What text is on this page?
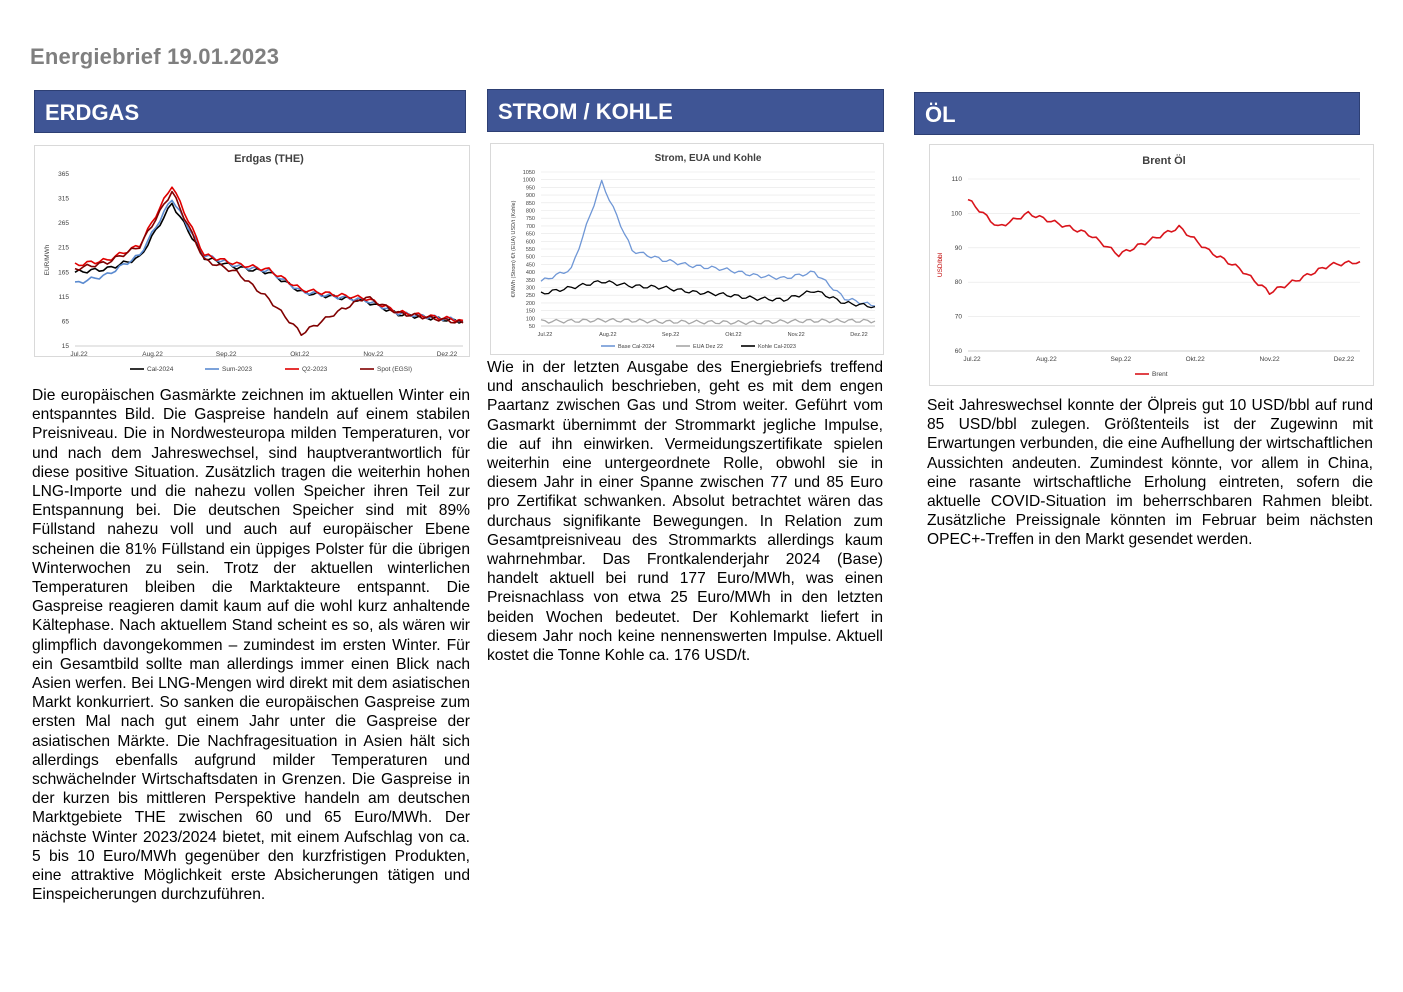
Energiebrief 19.01.2023
ERDGAS	STROM / KOHLE	ÖL
Erdgas (THE)
365
315
265
215
165
115
65
15
EUR/MWh
Jul.22	Aug.22	Sep.22	Okt.22	Nov.22	Dez.22
Cal-2024	Sum-2023	Q2-2023	Spot (EGSI)
Strom, EUA und Kohle
1050
1000
950
900
850
800
750
700
650
600
550
500
450
400
350
300
250
200
150
100
50
€/MWh (Strom) €/t (EUA) USD/t (Kohle)
Jul.22	Aug.22	Sep.22	Okt.22	Nov.22	Dez.22
Base Cal-2024	EUA Dez 22	Kohle Cal-2023
Brent Öl
110
100
90
80
70
60
USD/bbl
Jul.22	Aug.22	Sep.22	Okt.22	Nov.22	Dez.22
Brent

Die europäischen Gasmärkte zeichnen im aktuellen Winter ein entspanntes Bild. Die Gaspreise handeln auf einem stabilen Preisniveau. Die in Nordwesteuropa milden Temperaturen, vor und nach dem Jahreswechsel, sind hauptverantwortlich für diese positive Situation. Zusätzlich tragen die weiterhin hohen LNG-Importe und die nahezu vollen Speicher ihren Teil zur Entspannung bei. Die deutschen Speicher sind mit 89% Füllstand nahezu voll und auch auf europäischer Ebene scheinen die 81% Füllstand ein üppiges Polster für die übrigen Winterwochen zu sein. Trotz der aktuellen winterlichen Temperaturen bleiben die Marktakteure entspannt. Die Gaspreise reagieren damit kaum auf die wohl kurz anhaltende Kältephase. Nach aktuellem Stand scheint es so, als wären wir glimpflich davongekommen – zumindest im ersten Winter. Für ein Gesamtbild sollte man allerdings immer einen Blick nach Asien werfen. Bei LNG-Mengen wird direkt mit dem asiatischen Markt konkurriert. So sanken die europäischen Gaspreise zum ersten Mal nach gut einem Jahr unter die Gaspreise der asiatischen Märkte. Die Nachfragesituation in Asien hält sich allerdings ebenfalls aufgrund milder Temperaturen und schwächelnder Wirtschaftsdaten in Grenzen. Die Gaspreise in der kurzen bis mittleren Perspektive handeln am deutschen Marktgebiete THE zwischen 60 und 65 Euro/MWh. Der nächste Winter 2023/2024 bietet, mit einem Aufschlag von ca. 5 bis 10 Euro/MWh gegenüber den kurzfristigen Produkten, eine attraktive Möglichkeit erste Absicherungen tätigen und Einspeicherungen durchzuführen.

Wie in der letzten Ausgabe des Energiebriefs treffend und anschaulich beschrieben, geht es mit dem engen Paartanz zwischen Gas und Strom weiter. Geführt vom Gasmarkt übernimmt der Strommarkt jegliche Impulse, die auf ihn einwirken. Vermeidungszertifikate spielen weiterhin eine untergeordnete Rolle, obwohl sie in diesem Jahr in einer Spanne zwischen 77 und 85 Euro pro Zertifikat schwanken. Absolut betrachtet wären das durchaus signifikante Bewegungen. In Relation zum Gesamtpreisniveau des Strommarkts allerdings kaum wahrnehmbar. Das Frontkalenderjahr 2024 (Base) handelt aktuell bei rund 177 Euro/MWh, was einen Preisnachlass von etwa 25 Euro/MWh in den letzten beiden Wochen bedeutet. Der Kohlemarkt liefert in diesem Jahr noch keine nennenswerten Impulse. Aktuell kostet die Tonne Kohle ca. 176 USD/t.

Seit Jahreswechsel konnte der Ölpreis gut 10 USD/bbl auf rund 85 USD/bbl zulegen. Größtenteils ist der Zugewinn mit Erwartungen verbunden, die eine Aufhellung der wirtschaftlichen Aussichten andeuten. Zumindest könnte, vor allem in China, eine rasante wirtschaftliche Erholung eintreten, sofern die aktuelle COVID-Situation im beherrschbaren Rahmen bleibt. Zusätzliche Preissignale könnten im Februar beim nächsten OPEC+-Treffen in den Markt gesendet werden.
